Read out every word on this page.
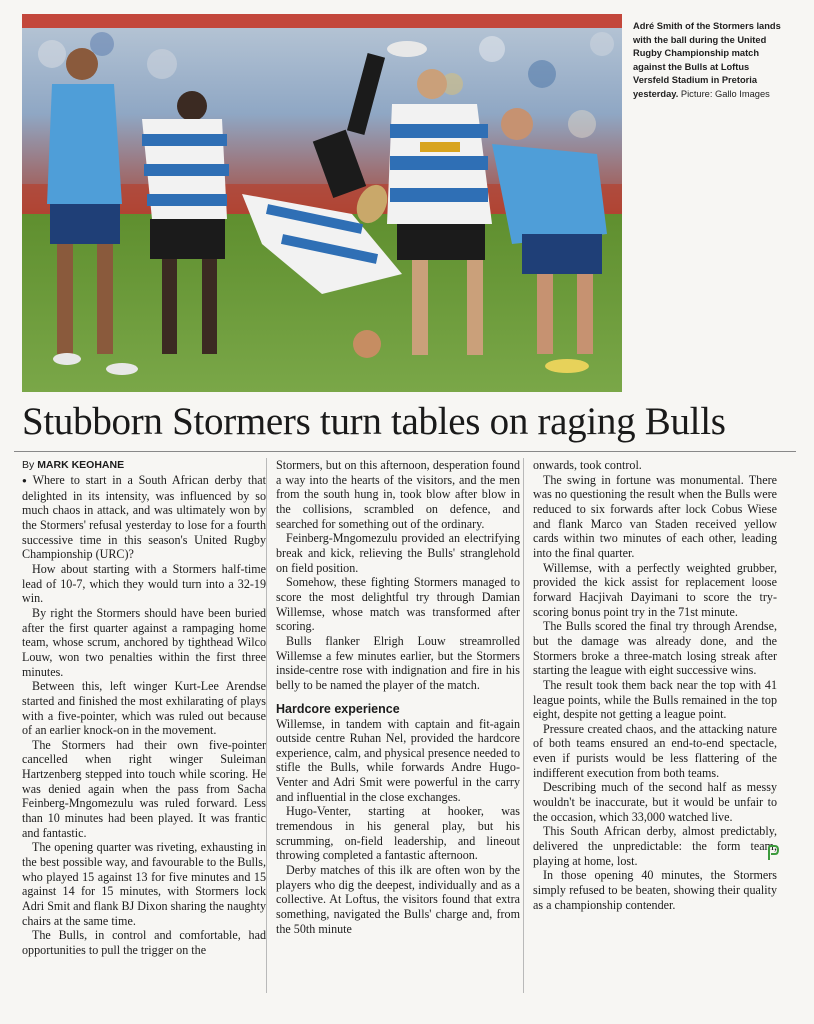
Adré Smith of the Stormers lands with the ball during the United Rugby Championship match against the Bulls at Loftus Versfeld Stadium in Pretoria yesterday. Picture: Gallo Images
Stubborn Stormers turn tables on raging Bulls
By MARK KEOHANE

● Where to start in a South African derby that delighted in its intensity, was influenced by so much chaos in attack, and was ultimately won by the Stormers' refusal yesterday to lose for a fourth successive time in this season's United Rugby Championship (URC)?

How about starting with a Stormers half-time lead of 10-7, which they would turn into a 32-19 win.

By right the Stormers should have been buried after the first quarter against a rampaging home team, whose scrum, anchored by tighthead Wilco Louw, won two penalties within the first three minutes.

Between this, left winger Kurt-Lee Arendse started and finished the most exhilarating of plays with a five-pointer, which was ruled out because of an earlier knock-on in the movement.

The Stormers had their own five-pointer cancelled when right winger Suleiman Hartzenberg stepped into touch while scoring. He was denied again when the pass from Sacha Feinberg-Mngomezulu was ruled forward. Less than 10 minutes had been played. It was frantic and fantastic.

The opening quarter was riveting, exhausting in the best possible way, and favourable to the Bulls, who played 15 against 13 for five minutes and 15 against 14 for 15 minutes, with Stormers lock Adri Smit and flank BJ Dixon sharing the naughty chairs at the same time.

The Bulls, in control and comfortable, had opportunities to pull the trigger on the

Stormers, but on this afternoon, desperation found a way into the hearts of the visitors, and the men from the south hung in, took blow after blow in the collisions, scrambled on defence, and searched for something out of the ordinary.

Feinberg-Mngomezulu provided an electrifying break and kick, relieving the Bulls' stranglehold on field position.

Somehow, these fighting Stormers managed to score the most delightful try through Damian Willemse, whose match was transformed after scoring.

Bulls flanker Elrigh Louw streamrolled Willemse a few minutes earlier, but the Stormers inside-centre rose with indignation and fire in his belly to be named the player of the match.

Hardcore experience

Willemse, in tandem with captain and fit-again outside centre Ruhan Nel, provided the hardcore experience, calm, and physical presence needed to stifle the Bulls, while forwards Andre Hugo-Venter and Adri Smit were powerful in the carry and influential in the close exchanges.

Hugo-Venter, starting at hooker, was tremendous in his general play, but his scrumming, on-field leadership, and lineout throwing completed a fantastic afternoon.

Derby matches of this ilk are often won by the players who dig the deepest, individually and as a collective. At Loftus, the visitors found that extra something, navigated the Bulls' charge and, from the 50th minute

onwards, took control.

The swing in fortune was monumental. There was no questioning the result when the Bulls were reduced to six forwards after lock Cobus Wiese and flank Marco van Staden received yellow cards within two minutes of each other, leading into the final quarter.

Willemse, with a perfectly weighted grubber, provided the kick assist for replacement loose forward Hacjivah Dayimani to score the try-scoring bonus point try in the 71st minute.

The Bulls scored the final try through Arendse, but the damage was already done, and the Stormers broke a three-match losing streak after starting the league with eight successive wins.

The result took them back near the top with 41 league points, while the Bulls remained in the top eight, despite not getting a league point.

Pressure created chaos, and the attacking nature of both teams ensured an end-to-end spectacle, even if purists would be less flattering of the indifferent execution from both teams.

Describing much of the second half as messy wouldn't be inaccurate, but it would be unfair to the occasion, which 33,000 watched live.

This South African derby, almost predictably, delivered the unpredictable: the form team, playing at home, lost.

In those opening 40 minutes, the Stormers simply refused to be beaten, showing their quality as a championship contender.
